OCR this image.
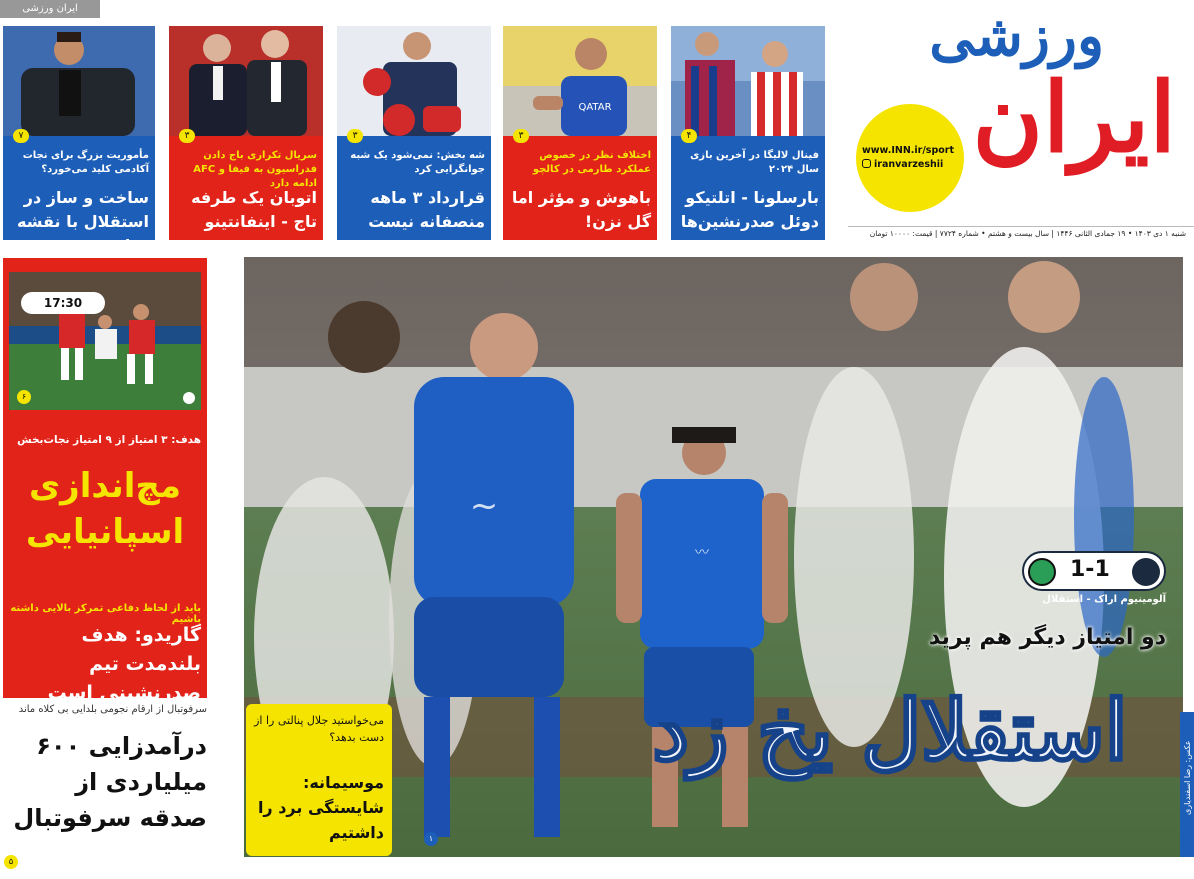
ورزشی
ایران
www.INN.ir/sport
iranvarzeshii
شنبه ۱ دی ۱۴۰۳ • ۱۹ جمادی الثانی ۱۴۴۶ | سال بیست و هشتم • شماره ۷۷۲۴ | قیمت: ۱۰۰۰۰ تومان
ایران ورزشی
۴
فینال لالیگا در آخرین بازی سال ۲۰۲۴
بارسلونا - اتلتیکو دوئل صدرنشین‌ها
QATAR
۳
اختلاف نظر در خصوص عملکرد طارمی در کالچو
باهوش و مؤثر اما گل نزن!
۳
شه بخش: نمی‌شود یک شبه جوانگرایی کرد
قرارداد ۳ ماهه منصفانه نیست
۳
سریال تکراری باج دادن فدراسیون به فیفا و AFC ادامه دارد
اتوبان یک طرفه تاج - اینفانتینو
۷
مأموریت بزرگ برای نجات آکادمی کلید می‌خورد؟
ساخت و ساز در استقلال با نقشه جباری
17:30
۶
هدف: ۳ امتیاز از ۹ امتیاز نجات‌بخش
مچ‌اندازی اسپانیایی
باید از لحاظ دفاعی تمرکز بالایی داشته باشیم
گاریدو: هدف بلندمدت تیم صدرنشینی است
سرفوتبال از ارقام نجومی بلدایی بی کلاه ماند
درآمدزایی ۶۰۰ میلیاردی از صدقه سرفوتبال
۵
~
〰
عکس: رضا اسفندیاری
1-1
آلومینیوم اراک - استقلال
دو امتیاز دیگر هم پرید
استقلال یخ زد
۱
می‌خواستید جلال پنالتی را از دست بدهد؟
موسیمانه: شایستگی برد را داشتیم
